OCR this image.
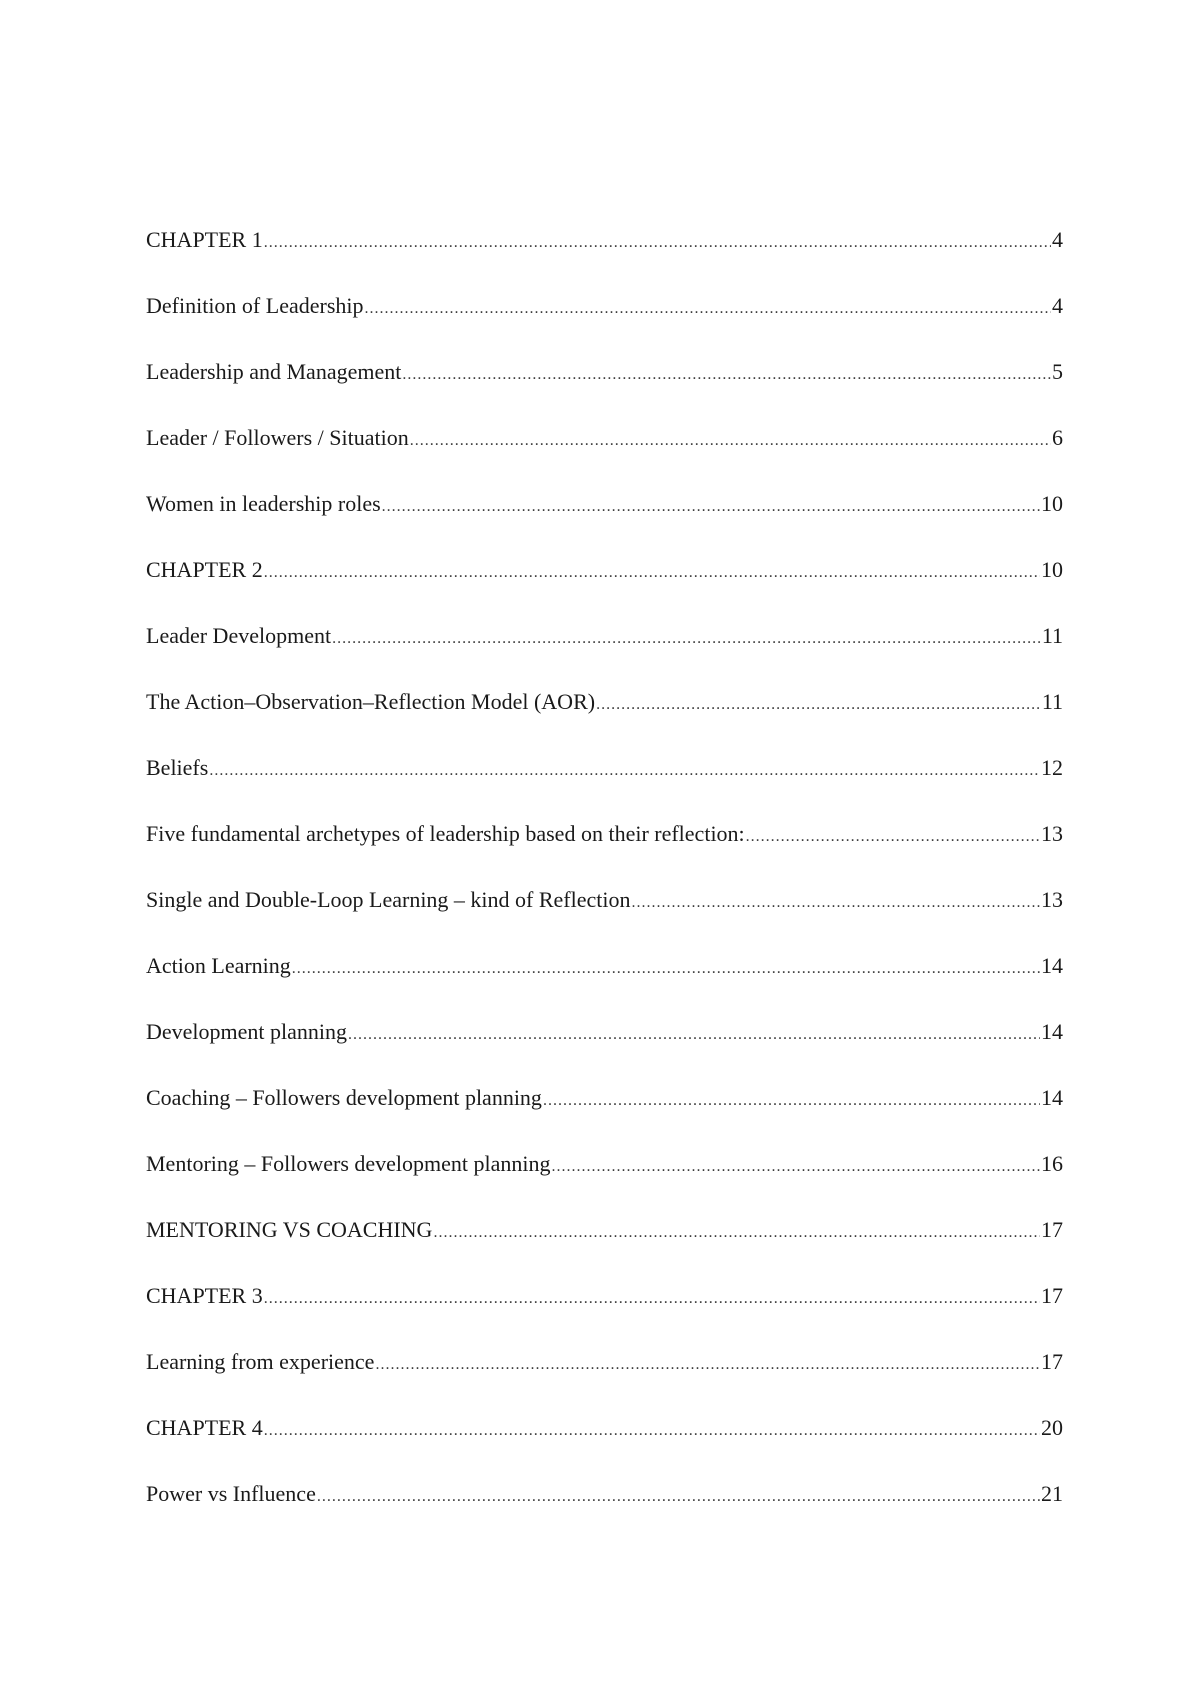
CHAPTER 1 .....	4
Definition of Leadership .....	4
Leadership and Management .....	5
Leader / Followers / Situation .....	6
Women in leadership roles .....	10
CHAPTER 2 .....	10
Leader Development .....	11
The Action–Observation–Reflection Model (AOR) .....	11
Beliefs .....	12
Five fundamental archetypes of leadership based on their reflection: .....	13
Single and Double-Loop Learning – kind of Reflection .....	13
Action Learning .....	14
Development planning .....	14
Coaching – Followers development planning .....	14
Mentoring – Followers development planning .....	16
MENTORING VS COACHING .....	17
CHAPTER 3 .....	17
Learning from experience .....	17
CHAPTER 4 .....	20
Power vs Influence .....	21
